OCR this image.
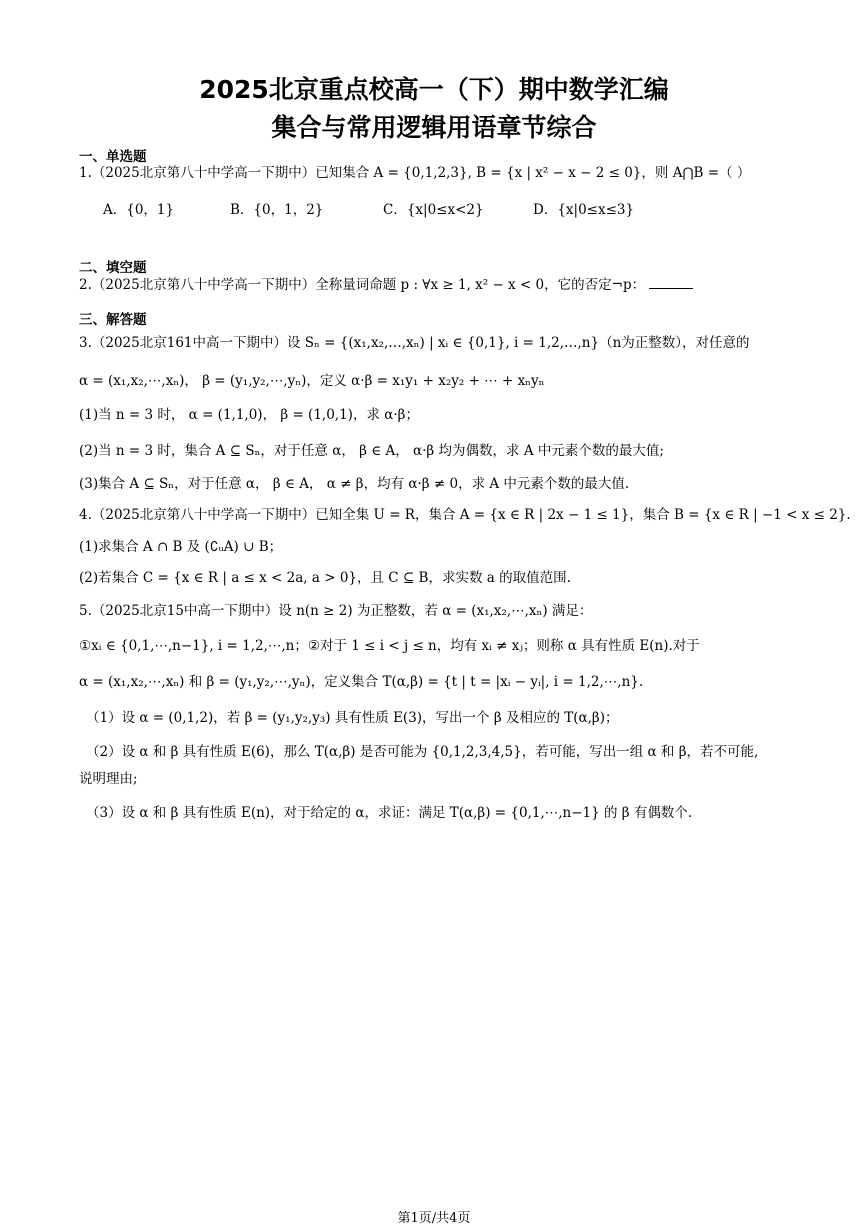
2025北京重点校高一（下）期中数学汇编
集合与常用逻辑用语章节综合
一、单选题
1.（2025北京第八十中学高一下期中）已知集合 A = {0,1,2,3}, B = {x | x² − x − 2 ≤ 0}，则 A⋂B =（ ）
A．{0，1}	B．{0，1，2}	C．{x|0≤x<2}	D．{x|0≤x≤3}
二、填空题
2.（2025北京第八十中学高一下期中）全称量词命题 p : ∀x ≥ 1, x² − x < 0，它的否定¬p：
三、解答题
3.（2025北京161中高一下期中）设 Sₙ = {(x₁,x₂,…,xₙ) | xᵢ ∈ {0,1}, i = 1,2,…,n}（n为正整数），对任意的
α = (x₁,x₂,⋯,xₙ)， β = (y₁,y₂,⋯,yₙ)，定义 α·β = x₁y₁ + x₂y₂ + ⋯ + xₙyₙ
(1)当 n = 3 时， α = (1,1,0)， β = (1,0,1)，求 α·β；
(2)当 n = 3 时，集合 A ⊆ Sₙ，对于任意 α， β ∈ A， α·β 均为偶数，求 A 中元素个数的最大值;
(3)集合 A ⊆ Sₙ，对于任意 α， β ∈ A， α ≠ β，均有 α·β ≠ 0，求 A 中元素个数的最大值.
4.（2025北京第八十中学高一下期中）已知全集 U = R，集合 A = {x ∈ R | 2x − 1 ≤ 1}，集合 B = {x ∈ R | −1 < x ≤ 2}.
(1)求集合 A ∩ B 及 (∁ᵤA) ∪ B；
(2)若集合 C = {x ∈ R | a ≤ x < 2a, a > 0}，且 C ⊆ B，求实数 a 的取值范围.
5.（2025北京15中高一下期中）设 n(n ≥ 2) 为正整数，若 α = (x₁,x₂,⋯,xₙ) 满足：
①xᵢ ∈ {0,1,⋯,n−1}, i = 1,2,⋯,n；②对于 1 ≤ i < j ≤ n，均有 xᵢ ≠ xⱼ；则称 α 具有性质 E(n).对于
α = (x₁,x₂,⋯,xₙ) 和 β = (y₁,y₂,⋯,yₙ)，定义集合 T(α,β) = {t | t = |xᵢ − yᵢ|, i = 1,2,⋯,n}.
（1）设 α = (0,1,2)，若 β = (y₁,y₂,y₃) 具有性质 E(3)，写出一个 β 及相应的 T(α,β)；
（2）设 α 和 β 具有性质 E(6)，那么 T(α,β) 是否可能为 {0,1,2,3,4,5}，若可能，写出一组 α 和 β，若不可能,
说明理由;
（3）设 α 和 β 具有性质 E(n)，对于给定的 α，求证：满足 T(α,β) = {0,1,⋯,n−1} 的 β 有偶数个.
第1页/共4页
